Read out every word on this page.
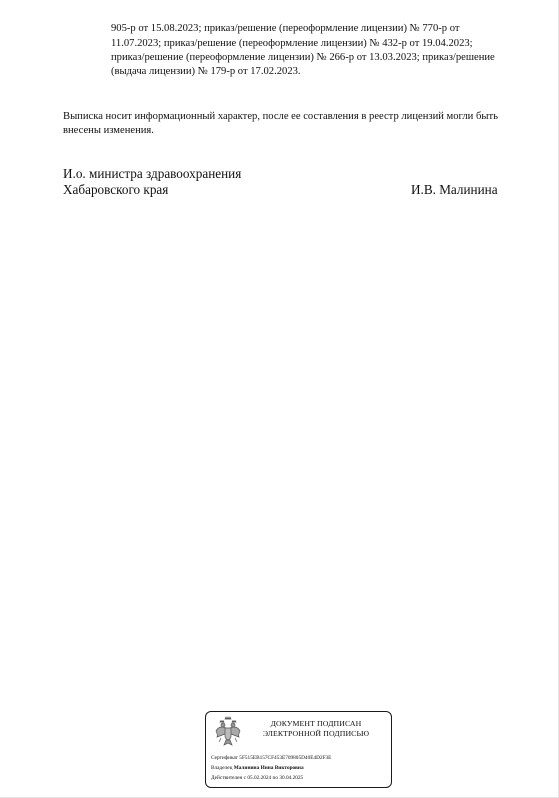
905-р от 15.08.2023; приказ/решение (переоформление лицензии) № 770-р от
11.07.2023; приказ/решение (переоформление лицензии) № 432-р от 19.04.2023;
приказ/решение (переоформление лицензии) № 266-р от 13.03.2023; приказ/решение
(выдача лицензии) № 179-р от 17.02.2023.
Выписка носит информационный характер, после ее составления в реестр лицензий могли быть
внесены изменения.
И.о. министра здравоохранения
Хабаровского края	И.В. Малинина
ДОКУМЕНТ ПОДПИСАН
ЭЛЕКТРОННОЙ ПОДПИСЬЮ
Сертификат 5F515EB157CF453E709805D40E4D2F3E
Владелец Малинина Инна Викторовна
Действителен с 05.02.2024 по 30.04.2025
